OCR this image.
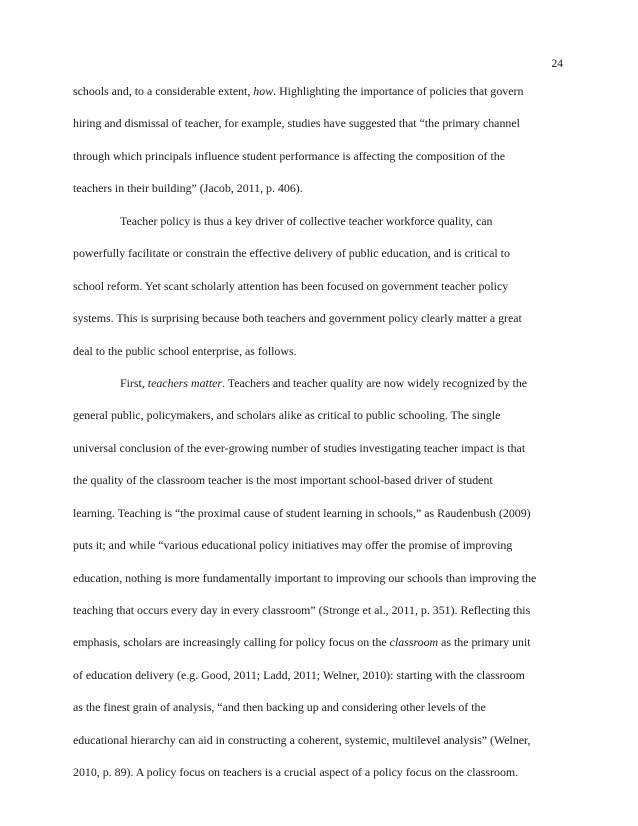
24
schools and, to a considerable extent, how. Highlighting the importance of policies that govern
hiring and dismissal of teacher, for example, studies have suggested that “the primary channel
through which principals influence student performance is affecting the composition of the
teachers in their building” (Jacob, 2011, p. 406).
Teacher policy is thus a key driver of collective teacher workforce quality, can
powerfully facilitate or constrain the effective delivery of public education, and is critical to
school reform. Yet scant scholarly attention has been focused on government teacher policy
systems. This is surprising because both teachers and government policy clearly matter a great
deal to the public school enterprise, as follows.
First, teachers matter. Teachers and teacher quality are now widely recognized by the
general public, policymakers, and scholars alike as critical to public schooling. The single
universal conclusion of the ever-growing number of studies investigating teacher impact is that
the quality of the classroom teacher is the most important school-based driver of student
learning. Teaching is “the proximal cause of student learning in schools,” as Raudenbush (2009)
puts it; and while “various educational policy initiatives may offer the promise of improving
education, nothing is more fundamentally important to improving our schools than improving the
teaching that occurs every day in every classroom” (Stronge et al., 2011, p. 351). Reflecting this
emphasis, scholars are increasingly calling for policy focus on the classroom as the primary unit
of education delivery (e.g. Good, 2011; Ladd, 2011; Welner, 2010): starting with the classroom
as the finest grain of analysis, “and then backing up and considering other levels of the
educational hierarchy can aid in constructing a coherent, systemic, multilevel analysis” (Welner,
2010, p. 89). A policy focus on teachers is a crucial aspect of a policy focus on the classroom.
